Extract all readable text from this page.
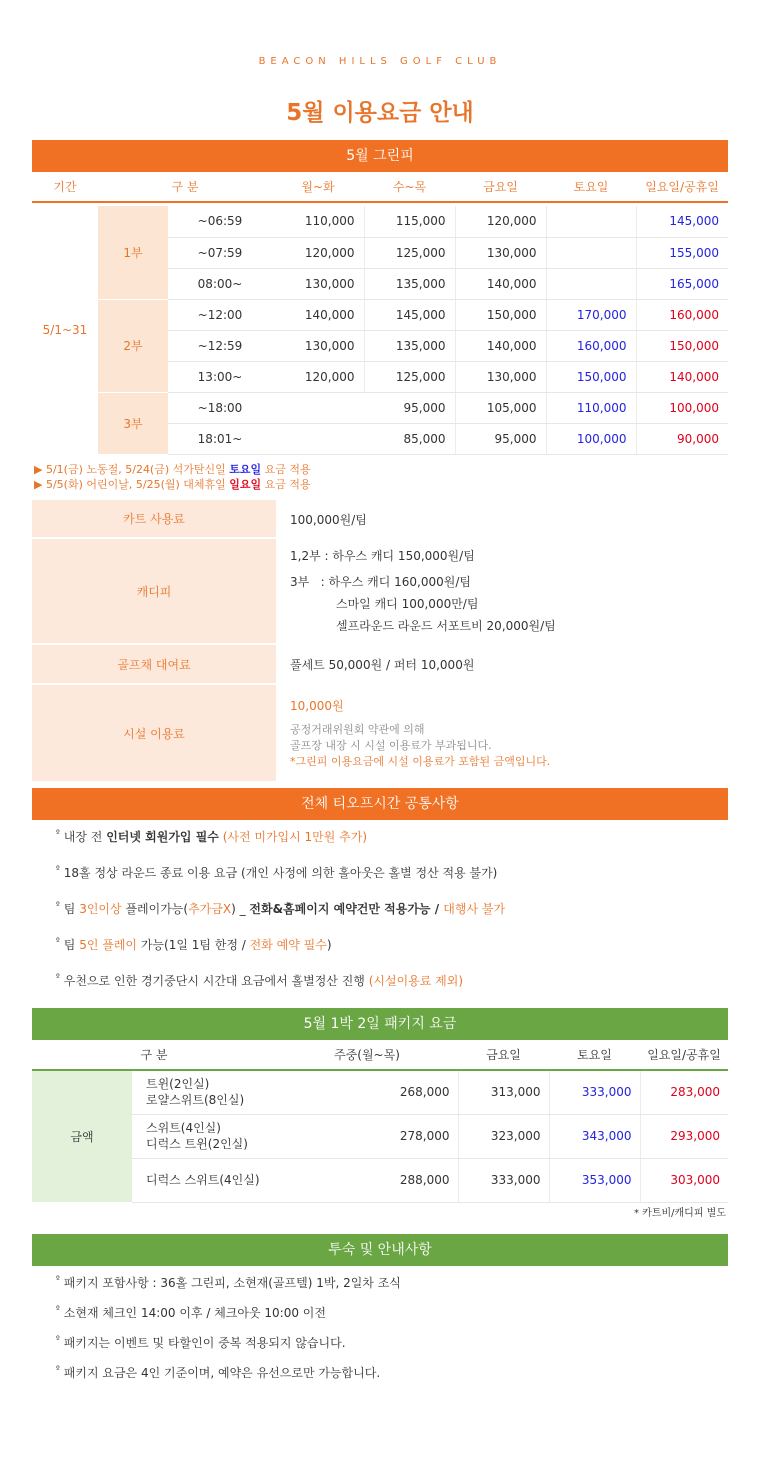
BEACON HILLS GOLF CLUB
5월 이용요금 안내
5월 그린피
기간	구 분		월~화	수~목	금요일	토요일	일요일/공휴일

5/1~31	1부	~06:59	110,000	115,000	120,000		145,000
		~07:59	120,000	125,000	130,000		155,000
		08:00~	130,000	135,000	140,000		165,000
	2부	~12:00	140,000	145,000	150,000	170,000	160,000
		~12:59	130,000	135,000	140,000	160,000	150,000
		13:00~	120,000	125,000	130,000	150,000	140,000
	3부	~18:00		95,000	105,000	110,000	100,000
		18:01~		85,000	95,000	100,000	90,000
▶ 5/1(금) 노동절, 5/24(금) 석가탄신일 토요일 요금 적용
▶ 5/5(화) 어린이날, 5/25(월) 대체휴일 일요일 요금 적용
카트 사용료	100,000원/팀
캐디피	1,2부 : 하우스 캐디 150,000원/팀
3부   : 하우스 캐디 160,000원/팀
스마일 캐디 100,000만/팀
셀프라운드 라운드 서포트비 20,000원/팀

골프채 대여료	풀세트 50,000원 / 퍼터 10,000원
시설 이용료	10,000원
공정거래위원회 약관에 의해
골프장 내장 시 시설 이용료가 부과됩니다.
*그린피 이용요금에 시설 이용료가 포함된 금액입니다.
전체 티오프시간 공통사항
$^º$ 내장 전 인터넷 회원가입 필수 (사전 미가입시 1만원 추가)
$^º$ 18홀 정상 라운드 종료 이용 요금 (개인 사정에 의한 홀아웃은 홀별 정산 적용 불가)
$^º$ 팀 3인이상 플레이가능(추가금X) _ 전화&홈페이지 예약건만 적용가능 / 대행사 불가
$^º$ 팀 5인 플레이 가능(1일 1팀 한정 / 전화 예약 필수)
$^º$ 우천으로 인한 경기중단시 시간대 요금에서 홀별정산 진행 (시설이용료 제외)
5월 1박 2일 패키지 요금
구 분		주중(월~목)	금요일	토요일	일요일/공휴일
금액	트윈(2인실)
로얄스위트(8인실)	268,000	313,000	333,000	283,000

	스위트(4인실)
디럭스 트윈(2인실)	278,000	323,000	343,000	293,000

	디럭스 스위트(4인실)	288,000	333,000	353,000	303,000
* 카트비/캐디피 별도
투숙 및 안내사항
$^º$ 패키지 포함사항 : 36홀 그린피, 소현재(골프텔) 1박, 2일차 조식
$^º$ 소현재 체크인 14:00 이후 / 체크아웃 10:00 이전
$^º$ 패키지는 이벤트 및 타할인이 중복 적용되지 않습니다.
$^º$ 패키지 요금은 4인 기준이며, 예약은 유선으로만 가능합니다.
